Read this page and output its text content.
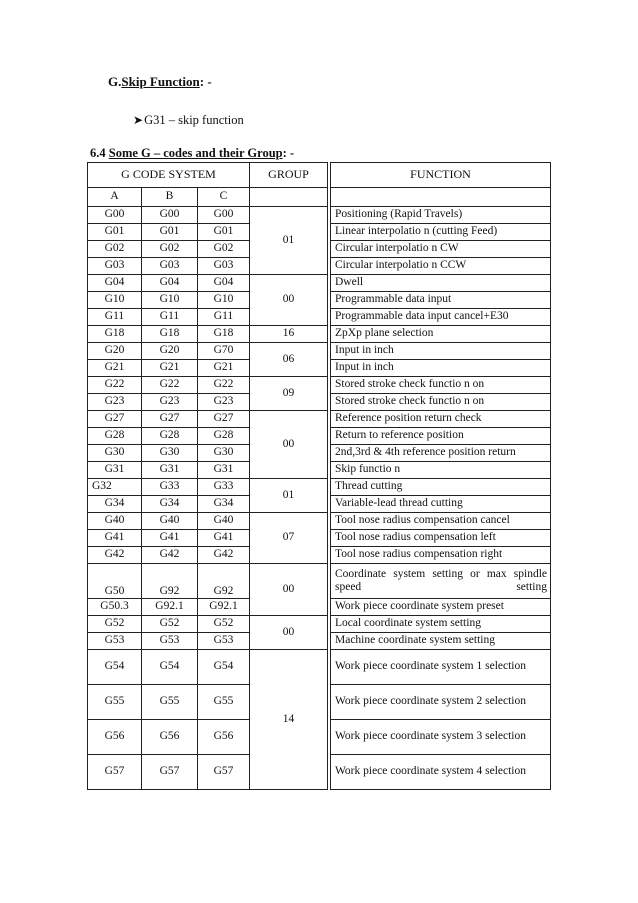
G.Skip Function: -
➤G31 – skip function
6.4 Some G – codes and their Group: -
G CODE SYSTEM			GROUP		FUNCTION
A	B	C			
G00	G00	G00	01		Positioning (Rapid Travels)
G01	G01	G01			Linear interpolatio n (cutting Feed)
G02	G02	G02			Circular interpolatio n CW
G03	G03	G03			Circular interpolatio n CCW
G04	G04	G04	00		Dwell
G10	G10	G10			Programmable data input
G11	G11	G11			Programmable data input cancel+E30
G18	G18	G18	16		ZpXp plane selection
G20	G20	G70	06		Input in inch
G21	G21	G21			Input in inch
G22	G22	G22	09		Stored stroke check functio n on
G23	G23	G23			Stored stroke check functio n on
G27	G27	G27	00		Reference position return check
G28	G28	G28			Return to reference position
G30	G30	G30			2nd,3rd & 4th reference position return
G31	G31	G31			Skip functio n
G32	G33	G33	01		Thread cutting
G34	G34	G34			Variable-lead thread cutting
G40	G40	G40	07		Tool nose radius compensation cancel
G41	G41	G41			Tool nose radius compensation left
G42	G42	G42			Tool nose radius compensation right
G50	G92	G92	00		Coordinate system setting or max spindle speed setting
G50.3	G92.1	G92.1			Work piece coordinate system preset
G52	G52	G52	00		Local coordinate system setting
G53	G53	G53			Machine coordinate system setting
G54	G54	G54	14		Work piece coordinate system 1 selection
G55	G55	G55			Work piece coordinate system 2 selection
G56	G56	G56			Work piece coordinate system 3 selection
G57	G57	G57			Work piece coordinate system 4 selection
